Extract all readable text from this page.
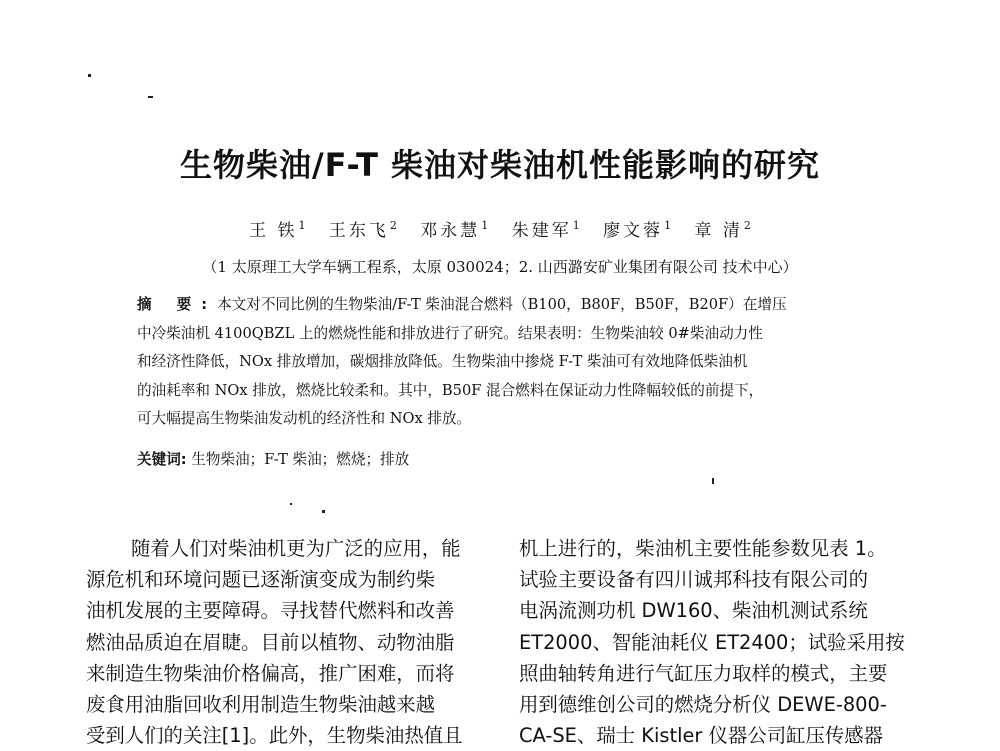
生物柴油/F-T 柴油对柴油机性能影响的研究
王 铁$^1$ 王东飞$^2$ 邓永慧$^1$ 朱建军$^1$ 廖文蓉$^1$ 章 清$^2$

（1 太原理工大学车辆工程系，太原 030024；2. 山西潞安矿业集团有限公司 技术中心）

摘 要:本文对不同比例的生物柴油/F-T 柴油混合燃料（B100，B80F，B50F，B20F）在增压
中冷柴油机 4100QBZL 上的燃烧性能和排放进行了研究。结果表明：生物柴油较 0#柴油动力性
和经济性降低，NOx 排放增加，碳烟排放降低。生物柴油中掺烧 F-T 柴油可有效地降低柴油机
的油耗率和 NOx 排放，燃烧比较柔和。其中，B50F 混合燃料在保证动力性降幅较低的前提下，
可大幅提高生物柴油发动机的经济性和 NOx 排放。
关键词: 生物柴油；F-T 柴油；燃烧；排放
随着人们对柴油机更为广泛的应用，能
源危机和环境问题已逐渐演变成为制约柴
油机发展的主要障碍。寻找替代燃料和改善
燃油品质迫在眉睫。目前以植物、动物油脂
来制造生物柴油价格偏高，推广困难，而将
废食用油脂回收利用制造生物柴油越来越
受到人们的关注[1]。此外，生物柴油热值且
机上进行的，柴油机主要性能参数见表 1。
试验主要设备有四川诚邦科技有限公司的
电涡流测功机 DW160、柴油机测试系统
ET2000、智能油耗仪 ET2400；试验采用按
照曲轴转角进行气缸压力取样的模式，主要
用到德维创公司的燃烧分析仪 DEWE-800-
CA-SE、瑞士 Kistler 仪器公司缸压传感器
